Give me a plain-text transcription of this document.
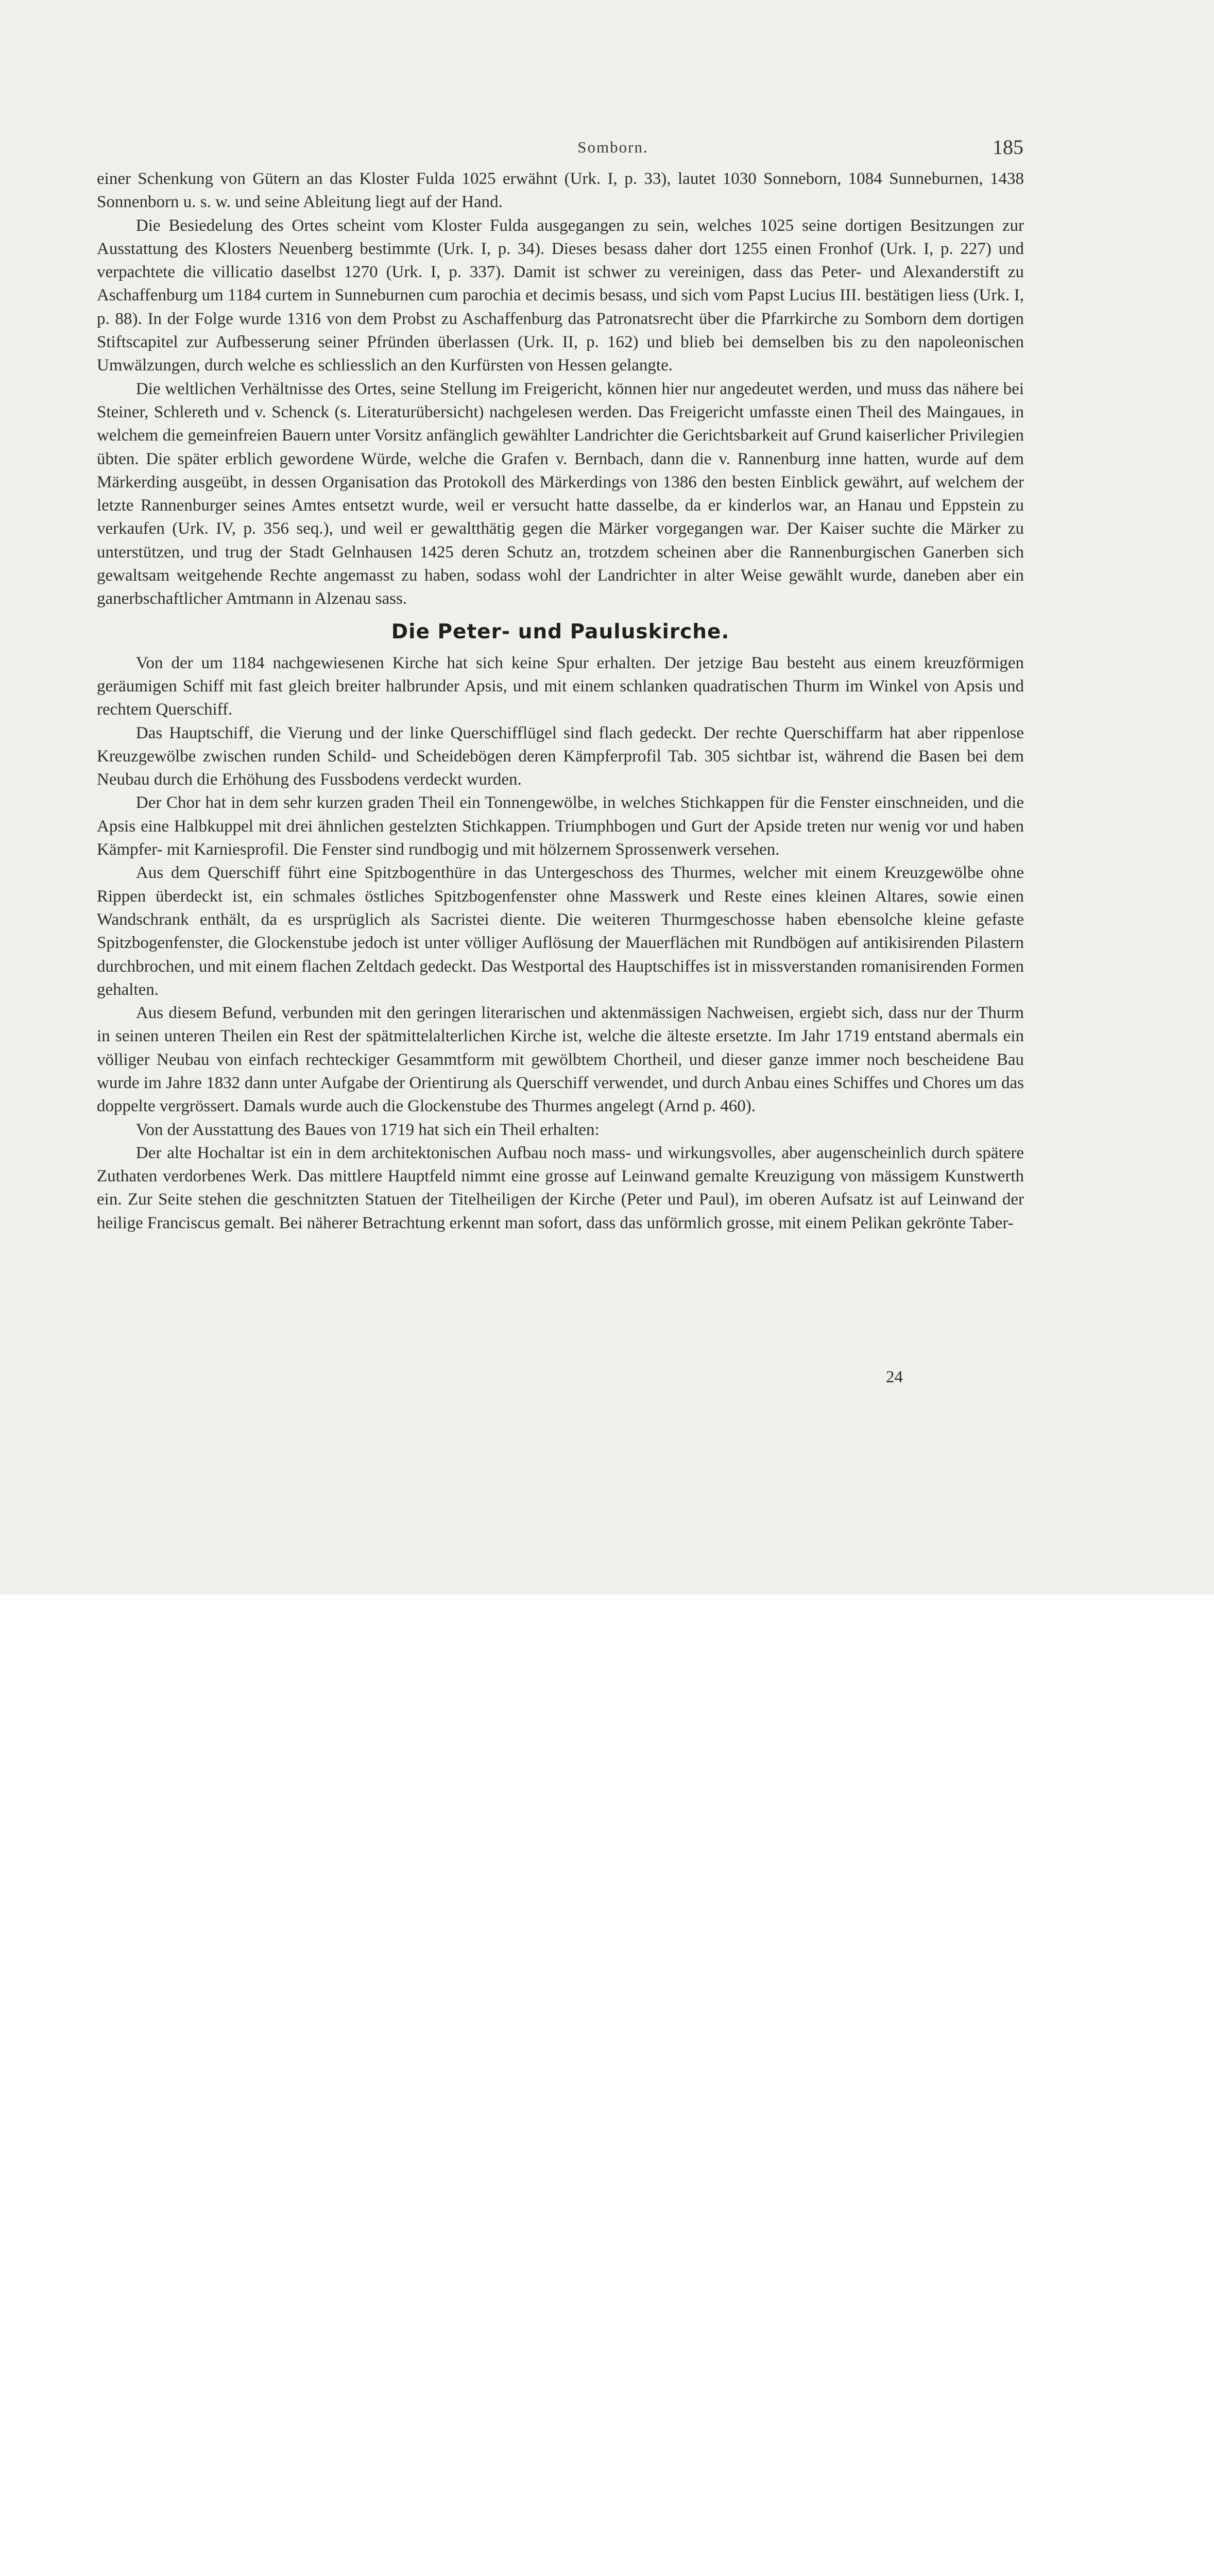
Somborn.	185

einer Schenkung von Gütern an das Kloster Fulda 1025 erwähnt (Urk. I, p. 33), lautet 1030 Sonneborn, 1084 Sunneburnen, 1438 Sonnenborn u. s. w. und seine Ableitung liegt auf der Hand.

Die Besiedelung des Ortes scheint vom Kloster Fulda ausgegangen zu sein, welches 1025 seine dortigen Besitzungen zur Ausstattung des Klosters Neuenberg bestimmte (Urk. I, p. 34). Dieses besass daher dort 1255 einen Fronhof (Urk. I, p. 227) und verpachtete die villicatio daselbst 1270 (Urk. I, p. 337). Damit ist schwer zu vereinigen, dass das Peter- und Alexanderstift zu Aschaffenburg um 1184 curtem in Sunneburnen cum parochia et decimis besass, und sich vom Papst Lucius III. bestätigen liess (Urk. I, p. 88). In der Folge wurde 1316 von dem Probst zu Aschaffenburg das Patronatsrecht über die Pfarrkirche zu Somborn dem dortigen Stiftscapitel zur Aufbesserung seiner Pfründen überlassen (Urk. II, p. 162) und blieb bei demselben bis zu den napoleonischen Umwälzungen, durch welche es schliesslich an den Kurfürsten von Hessen gelangte.

Die weltlichen Verhältnisse des Ortes, seine Stellung im Freigericht, können hier nur angedeutet werden, und muss das nähere bei Steiner, Schlereth und v. Schenck (s. Literaturübersicht) nachgelesen werden. Das Freigericht umfasste einen Theil des Maingaues, in welchem die gemeinfreien Bauern unter Vorsitz anfänglich gewählter Landrichter die Gerichtsbarkeit auf Grund kaiserlicher Privilegien übten. Die später erblich gewordene Würde, welche die Grafen v. Bernbach, dann die v. Rannenburg inne hatten, wurde auf dem Märkerding ausgeübt, in dessen Organisation das Protokoll des Märkerdings von 1386 den besten Einblick gewährt, auf welchem der letzte Rannenburger seines Amtes entsetzt wurde, weil er versucht hatte dasselbe, da er kinderlos war, an Hanau und Eppstein zu verkaufen (Urk. IV, p. 356 seq.), und weil er gewaltthätig gegen die Märker vorgegangen war. Der Kaiser suchte die Märker zu unterstützen, und trug der Stadt Gelnhausen 1425 deren Schutz an, trotzdem scheinen aber die Rannenburgischen Ganerben sich gewaltsam weitgehende Rechte angemasst zu haben, sodass wohl der Landrichter in alter Weise gewählt wurde, daneben aber ein ganerbschaftlicher Amtmann in Alzenau sass.

Die Peter- und Pauluskirche.

Von der um 1184 nachgewiesenen Kirche hat sich keine Spur erhalten. Der jetzige Bau besteht aus einem kreuzförmigen geräumigen Schiff mit fast gleich breiter halbrunder Apsis, und mit einem schlanken quadratischen Thurm im Winkel von Apsis und rechtem Querschiff.

Das Hauptschiff, die Vierung und der linke Querschifflügel sind flach gedeckt. Der rechte Querschiffarm hat aber rippenlose Kreuzgewölbe zwischen runden Schild- und Scheidebögen deren Kämpferprofil Tab. 305 sichtbar ist, während die Basen bei dem Neubau durch die Erhöhung des Fussbodens verdeckt wurden.

Der Chor hat in dem sehr kurzen graden Theil ein Tonnengewölbe, in welches Stichkappen für die Fenster einschneiden, und die Apsis eine Halbkuppel mit drei ähnlichen gestelzten Stichkappen. Triumphbogen und Gurt der Apside treten nur wenig vor und haben Kämpfer- mit Karniesprofil. Die Fenster sind rundbogig und mit hölzernem Sprossenwerk versehen.

Aus dem Querschiff führt eine Spitzbogenthüre in das Untergeschoss des Thurmes, welcher mit einem Kreuzgewölbe ohne Rippen überdeckt ist, ein schmales östliches Spitzbogenfenster ohne Masswerk und Reste eines kleinen Altares, sowie einen Wandschrank enthält, da es ursprüglich als Sacristei diente. Die weiteren Thurmgeschosse haben ebensolche kleine gefaste Spitzbogenfenster, die Glockenstube jedoch ist unter völliger Auflösung der Mauerflächen mit Rundbögen auf antikisirenden Pilastern durchbrochen, und mit einem flachen Zeltdach gedeckt. Das Westportal des Hauptschiffes ist in missverstanden romanisirenden Formen gehalten.

Aus diesem Befund, verbunden mit den geringen literarischen und aktenmässigen Nachweisen, ergiebt sich, dass nur der Thurm in seinen unteren Theilen ein Rest der spätmittelalterlichen Kirche ist, welche die älteste ersetzte. Im Jahr 1719 entstand abermals ein völliger Neubau von einfach rechteckiger Gesammtform mit gewölbtem Chortheil, und dieser ganze immer noch bescheidene Bau wurde im Jahre 1832 dann unter Aufgabe der Orientirung als Querschiff verwendet, und durch Anbau eines Schiffes und Chores um das doppelte vergrössert. Damals wurde auch die Glockenstube des Thurmes angelegt (Arnd p. 460).

Von der Ausstattung des Baues von 1719 hat sich ein Theil erhalten:

Der alte Hochaltar ist ein in dem architektonischen Aufbau noch mass- und wirkungsvolles, aber augenscheinlich durch spätere Zuthaten verdorbenes Werk. Das mittlere Hauptfeld nimmt eine grosse auf Leinwand gemalte Kreuzigung von mässigem Kunstwerth ein. Zur Seite stehen die geschnitzten Statuen der Titelheiligen der Kirche (Peter und Paul), im oberen Aufsatz ist auf Leinwand der heilige Franciscus gemalt. Bei näherer Betrachtung erkennt man sofort, dass das unförmlich grosse, mit einem Pelikan gekrönte Taber-

24
